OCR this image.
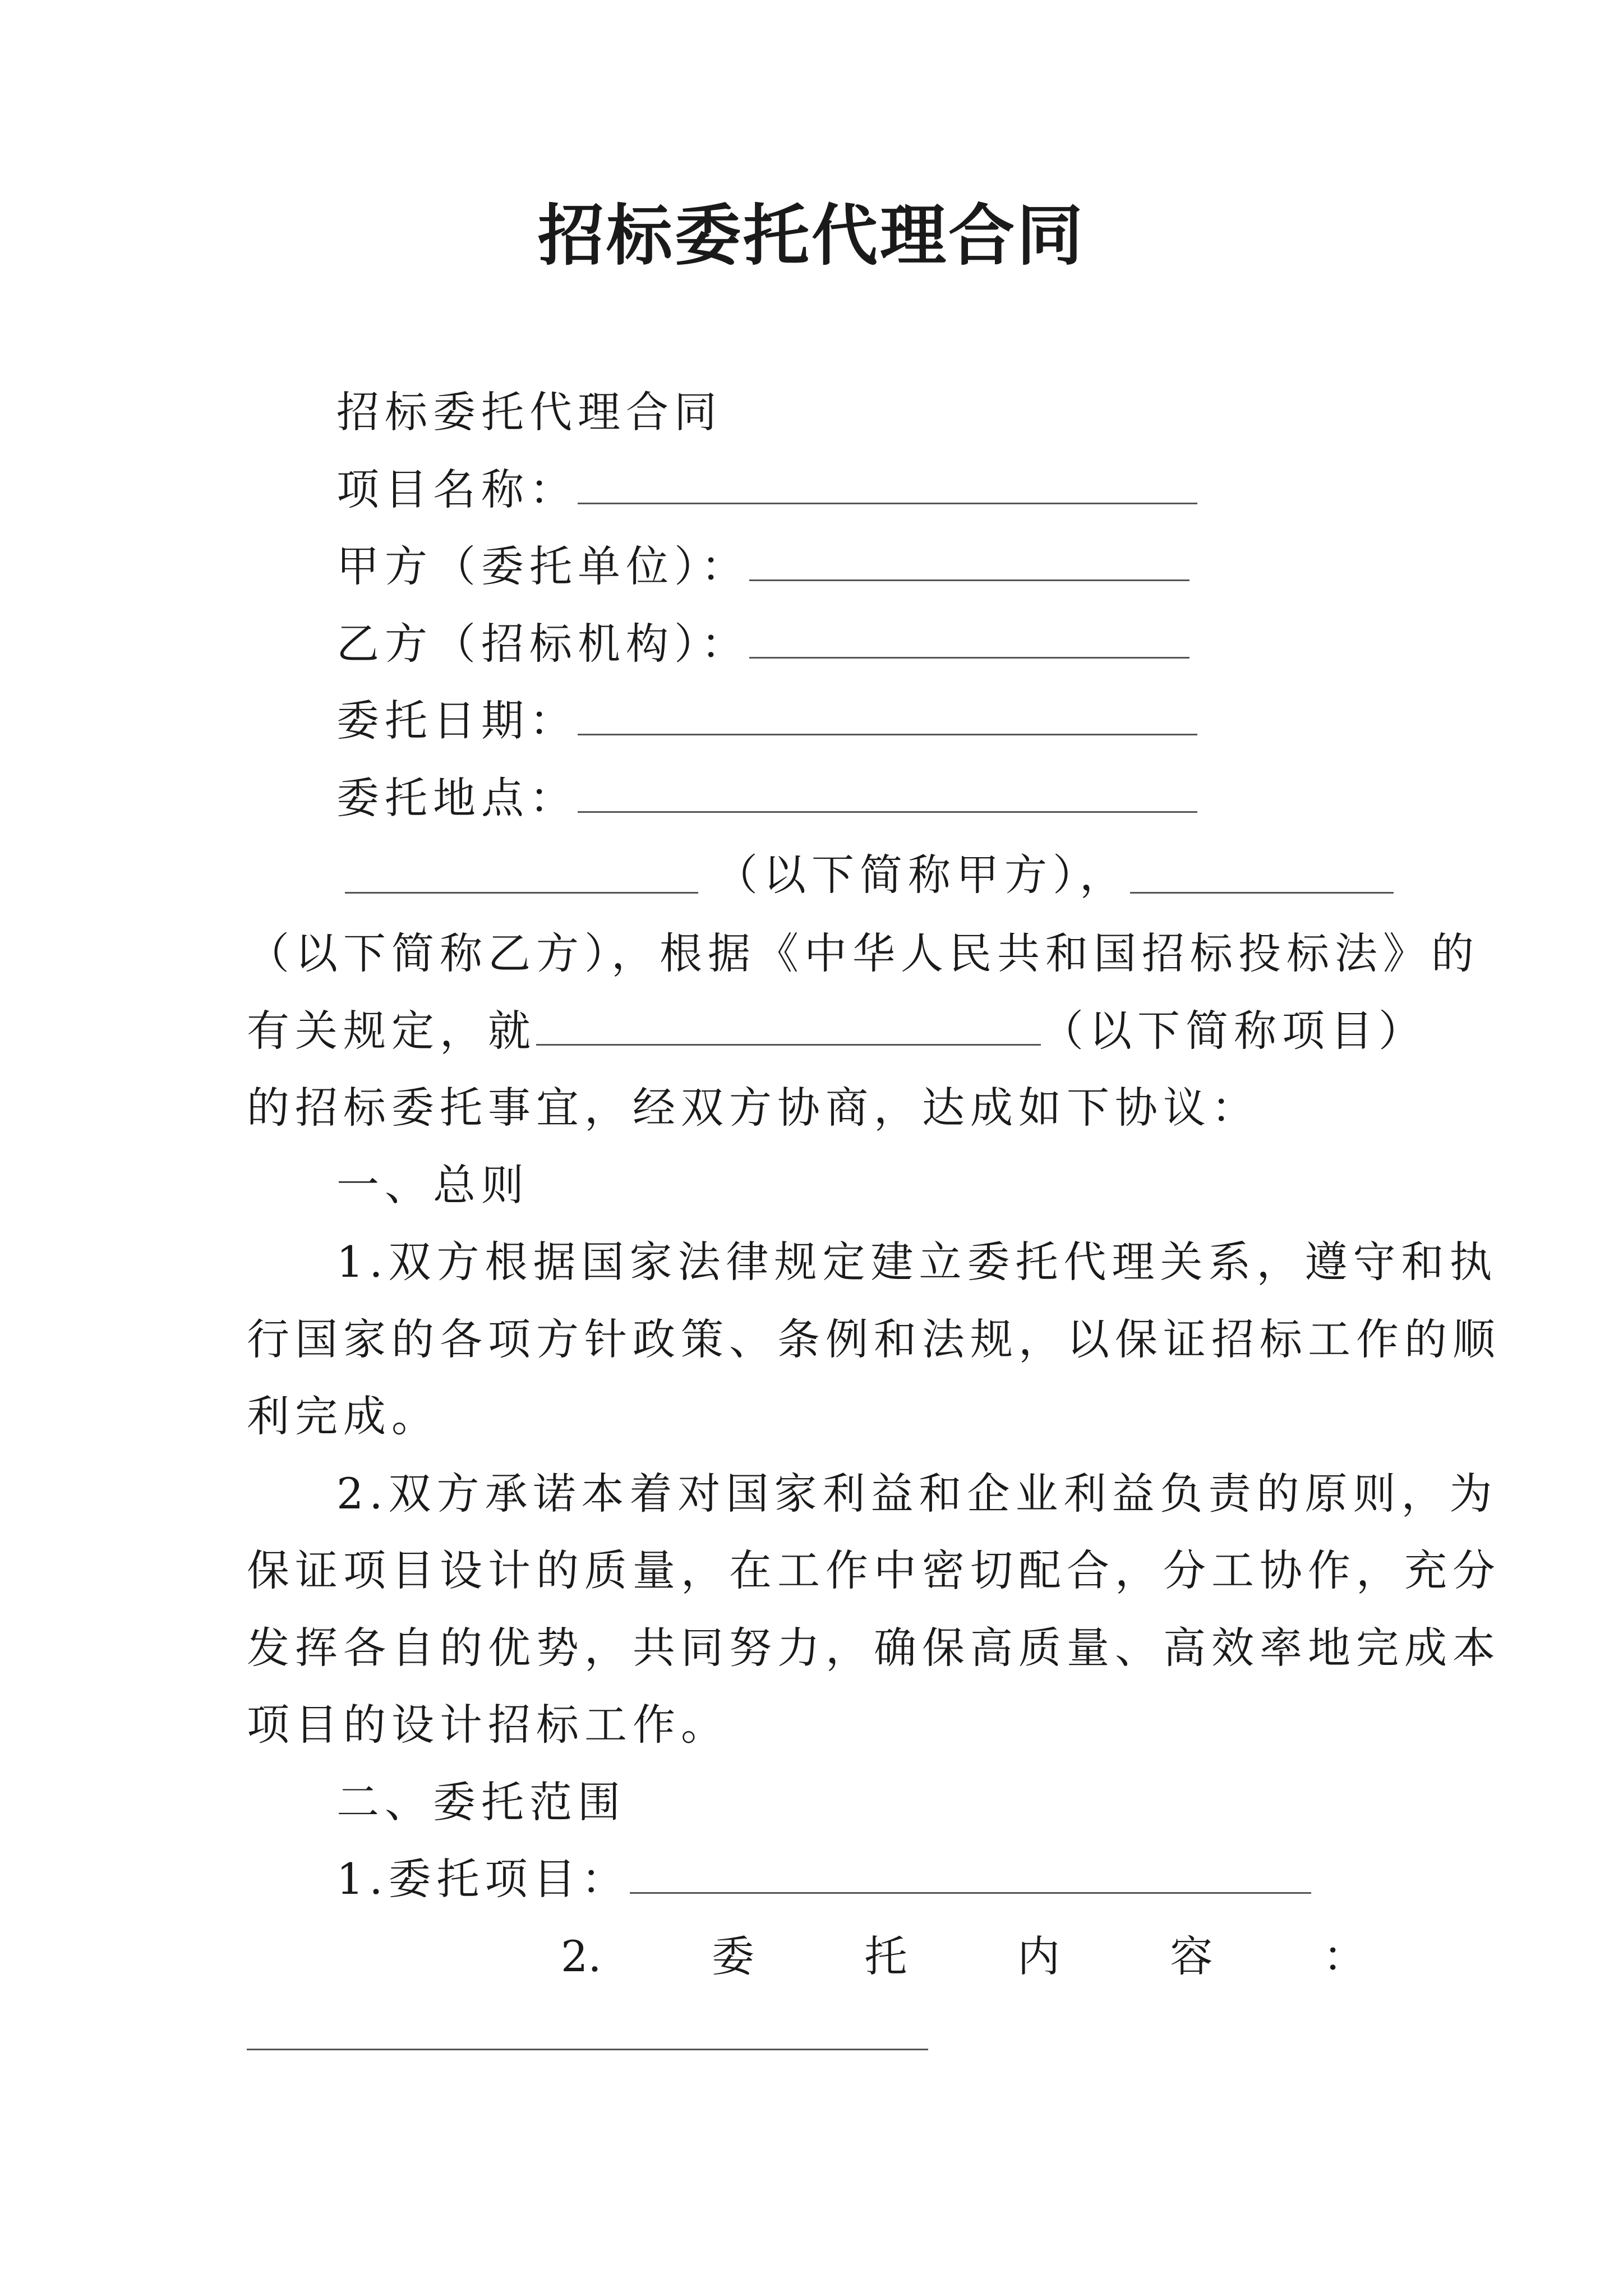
招标委托代理合同
招标委托代理合同
项目名称：
甲方（委托单位）：
乙方（招标机构）：
委托日期：
委托地点：
（以下简称甲方），
（以下简称乙方），根据《中华人民共和国招标投标法》的
有关规定，就	（以下简称项目）
的招标委托事宜，经双方协商，达成如下协议：
一、总则
1.双方根据国家法律规定建立委托代理关系，遵守和执
行国家的各项方针政策、条例和法规，以保证招标工作的顺
利完成。
2.双方承诺本着对国家利益和企业利益负责的原则，为
保证项目设计的质量，在工作中密切配合，分工协作，充分
发挥各自的优势，共同努力，确保高质量、高效率地完成本
项目的设计招标工作。
二、委托范围
1.委托项目：
2.	委	托	内	容	：
